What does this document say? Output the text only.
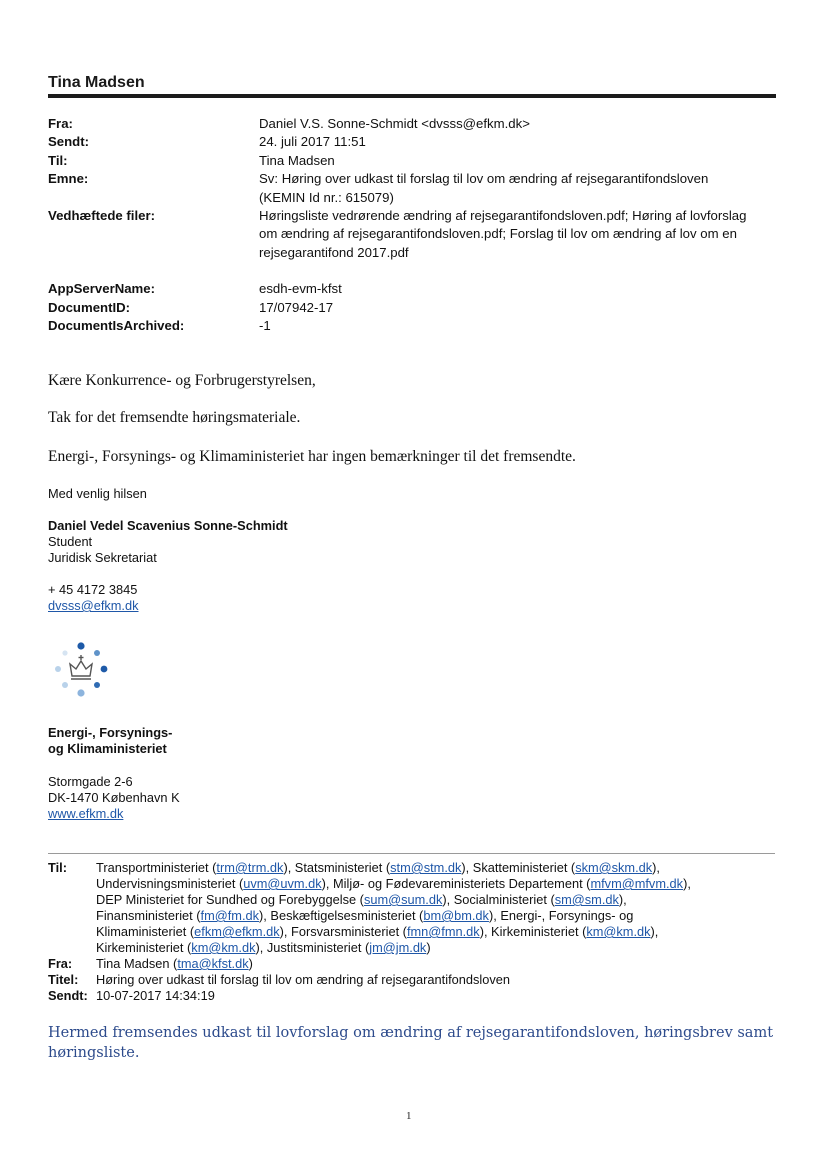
Tina Madsen
Fra:	Daniel V.S. Sonne-Schmidt <dvsss@efkm.dk>
Sendt:	24. juli 2017 11:51
Til:	Tina Madsen
Emne:	Sv: Høring over udkast til forslag til lov om ændring af rejsegarantifondsloven
(KEMIN Id nr.: 615079)
Vedhæftede filer:	Høringsliste vedrørende ændring af rejsegarantifondsloven.pdf; Høring af lovforslag
om ændring af rejsegarantifondsloven.pdf; Forslag til lov om ændring af lov om en
rejsegarantifond 2017.pdf
AppServerName:	esdh-evm-kfst
DocumentID:	17/07942-17
DocumentIsArchived:	-1
Kære Konkurrence- og Forbrugerstyrelsen,
Tak for det fremsendte høringsmateriale.
Energi-, Forsynings- og Klimaministeriet har ingen bemærkninger til det fremsendte.
Med venlig hilsen
Daniel Vedel Scavenius Sonne-Schmidt
Student
Juridisk Sekretariat
+ 45 4172 3845
dvsss@efkm.dk
Energi-, Forsynings-
og Klimaministeriet
Stormgade 2-6
DK-1470 København K
www.efkm.dk
Til:	Transportministeriet (trm@trm.dk), Statsministeriet (stm@stm.dk), Skatteministeriet (skm@skm.dk),
Undervisningsministeriet (uvm@uvm.dk), Miljø- og Fødevareministeriets Departement (mfvm@mfvm.dk),
DEP Ministeriet for Sundhed og Forebyggelse (sum@sum.dk), Socialministeriet (sm@sm.dk),
Finansministeriet (fm@fm.dk), Beskæftigelsesministeriet (bm@bm.dk), Energi-, Forsynings- og
Klimaministeriet (efkm@efkm.dk), Forsvarsministeriet (fmn@fmn.dk), Kirkeministeriet (km@km.dk),
Kirkeministeriet (km@km.dk), Justitsministeriet (jm@jm.dk)
Fra:	Tina Madsen (tma@kfst.dk)
Titel:	Høring over udkast til forslag til lov om ændring af rejsegarantifondsloven
Sendt: 10-07-2017 14:34:19
Hermed fremsendes udkast til lovforslag om ændring af rejsegarantifondsloven, høringsbrev samt
høringsliste.
1
